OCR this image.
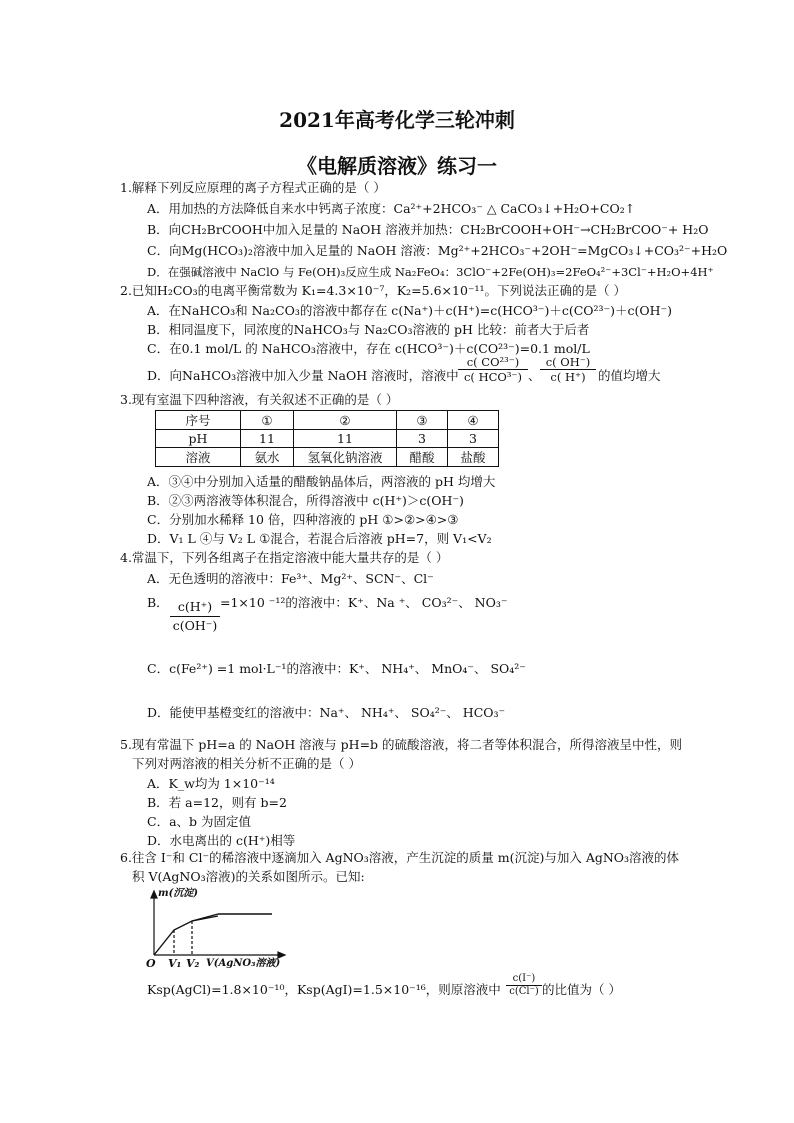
2021年高考化学三轮冲刺
《电解质溶液》练习一
1.解释下列反应原理的离子方程式正确的是（ ）
A．用加热的方法降低自来水中钙离子浓度：Ca²⁺+2HCO₃⁻ △ CaCO₃↓+H₂O+CO₂↑
B．向CH₂BrCOOH中加入足量的 NaOH 溶液并加热：CH₂BrCOOH+OH⁻→CH₂BrCOO⁻+ H₂O
C．向Mg(HCO₃)₂溶液中加入足量的 NaOH 溶液：Mg²⁺+2HCO₃⁻+2OH⁻=MgCO₃↓+CO₃²⁻+H₂O
D．在强碱溶液中 NaClO 与 Fe(OH)₃反应生成 Na₂FeO₄：3ClO⁻+2Fe(OH)₃=2FeO₄²⁻+3Cl⁻+H₂O+4H⁺
2.已知H₂CO₃的电离平衡常数为 K₁=4.3×10⁻⁷，K₂=5.6×10⁻¹¹。下列说法正确的是（ ）
A．在NaHCO₃和 Na₂CO₃的溶液中都存在 c(Na⁺)＋c(H⁺)=c(HCO³⁻)＋c(CO²³⁻)＋c(OH⁻)
B．相同温度下，同浓度的NaHCO₃与 Na₂CO₃溶液的 pH 比较：前者大于后者
C．在0.1 mol/L 的 NaHCO₃溶液中，存在 c(HCO³⁻)＋c(CO²³⁻)=0.1 mol/L
D．向NaHCO₃溶液中加入少量 NaOH 溶液时，溶液中
c( CO²³⁻)
c( HCO³⁻) 、 $\frac{c( OH^-)}{c( H^+)}$ 的值均增大
3.现有室温下四种溶液，有关叙述不正确的是（ ）
序号	①	②	③	④
pH	11	11	3	3
溶液	氨水	氢氧化钠溶液	醋酸	盐酸
A．③④中分别加入适量的醋酸钠晶体后，两溶液的 pH 均增大
B．②③两溶液等体积混合，所得溶液中 c(H⁺)＞c(OH⁻)
C．分别加水稀释 10 倍，四种溶液的 pH ①>②>④>③
D．V₁ L ④与 V₂ L ①混合，若混合后溶液 pH=7，则 V₁<V₂
4.常温下，下列各组离子在指定溶液中能大量共存的是（ ）
A．无色透明的溶液中：Fe³⁺、Mg²⁺、SCN⁻、Cl⁻
B． $\frac{c(H^+)}{c(OH^-)} =1\times 10$ ⁻¹²的溶液中：K⁺、Na ⁺、 CO₃²⁻、 NO₃⁻
C．c(Fe²⁺) =1 mol·L⁻¹的溶液中：K⁺、 NH₄⁺、 MnO₄⁻、 SO₄²⁻
D．能使甲基橙变红的溶液中：Na⁺、 NH₄⁺、 SO₄²⁻、 HCO₃⁻
5.现有常温下 pH=a 的 NaOH 溶液与 pH=b 的硫酸溶液，将二者等体积混合，所得溶液呈中性，则
下列对两溶液的相关分析不正确的是（ ）
A．K_w均为 1×10⁻¹⁴
B．若 a=12，则有 b=2
C．a、b 为固定值
D．水电离出的 c(H⁺)相等
6.往含 I⁻和 Cl⁻的稀溶液中逐滴加入 AgNO₃溶液，产生沉淀的质量 m(沉淀)与加入 AgNO₃溶液的体
积 V(AgNO₃溶液)的关系如图所示。已知:
m(沉淀)
O V₁ V₂ V(AgNO₃溶液)
Ksp(AgCl)=1.8×10⁻¹⁰，Ksp(AgI)=1.5×10⁻¹⁶，则原溶液中 $\frac{c(I^-)}{c(Cl^-)}$ 的比值为（ ）
